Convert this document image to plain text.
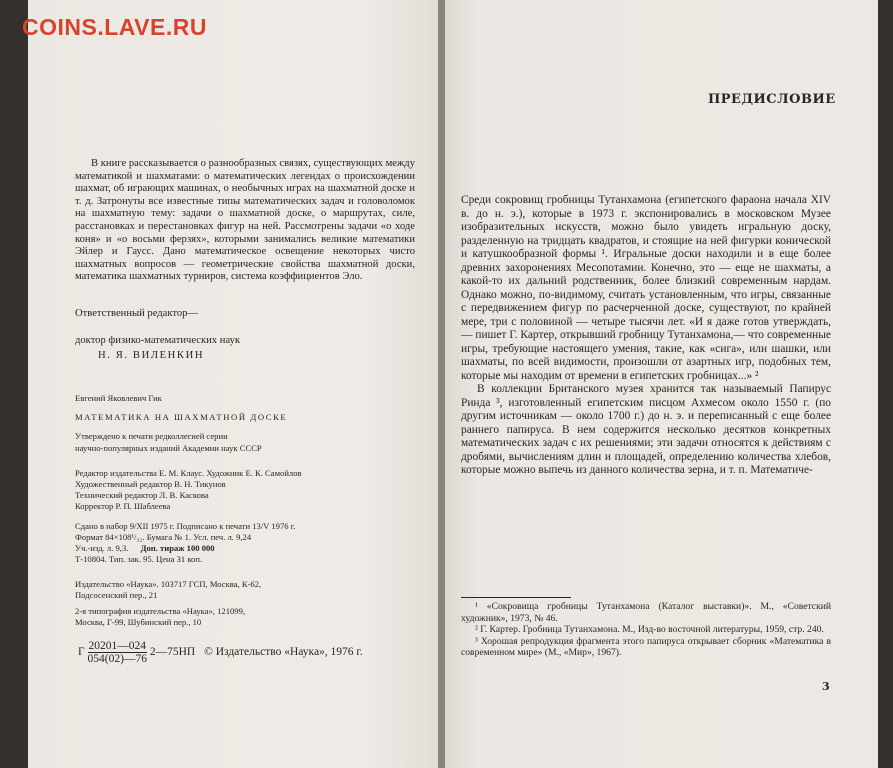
COINS.LAVE.RU
В книге рассказывается о разнообразных связях, существующих между математикой и шахматами: о математических легендах о происхождении шахмат, об играющих машинах, о необычных играх на шахматной доске и т. д. Затронуты все известные типы математических задач и головоломок на шахматную тему: задачи о шахматной доске, о маршрутах, силе, расстановках и перестановках фигур на ней. Рассмотрены задачи «о ходе коня» и «о восьми ферзях», которыми занимались великие математики Эйлер и Гаусс. Дано математическое освещение некоторых чисто шахматных вопросов — геометрические свойства шахматной доски, математика шахматных турниров, система коэффициентов Эло.
Ответственный редактор—
доктор физико-математических наук
Н. Я. ВИЛЕНКИН
Евгений Яковлевич Гик
МАТЕМАТИКА НА ШАХМАТНОЙ ДОСКЕ
Утверждено к печати редколлегией серии
научно-популярных изданий Академии наук СССР
Редактор издательства Е. М. Клаус. Художник Е. К. Самойлов
Художественный редактор В. Н. Тикунов
Технический редактор Л. В. Каскова
Корректор Р. П. Шаблеева
Сдано в набор 9/XII 1975 г. Подписано к печати 13/V 1976 г.
Формат 84×108¹/₃₂. Бумага № 1. Усл. печ. л. 9,24
Уч.-изд. л. 9,3. Доп. тираж 100 000
Т-10804. Тип. зак. 95. Цена 31 коп.
Издательство «Наука». 103717 ГСП, Москва, К-62,
Подсосенский пер., 21
2-я типография издательства «Наука», 121099,
Москва, Г-99, Шубинский пер., 10
Г $\frac{20201—024}{054(02)—76}$ 2—75НП © Издательство «Наука», 1976 г.
ПРЕДИСЛОВИЕ

Среди сокровищ гробницы Тутанхамона (египетского фараона начала XIV в. до н. э.), которые в 1973 г. экспонировались в московском Музее изобразительных искусств, можно было увидеть игральную доску, разделенную на тридцать квадратов, и стоящие на ней фигурки конической и катушкообразной формы ¹. Игральные доски находили и в еще более древних захоронениях Месопотамии. Конечно, это — еще не шахматы, а какой-то их дальний родственник, более близкий современным нардам. Однако можно, по-видимому, считать установленным, что игры, связанные с передвижением фигур по расчерченной доске, существуют, по крайней мере, три с половиной — четыре тысячи лет. «И я даже готов утверждать,— пишет Г. Картер, открывший гробницу Тутанхамона,— что современные игры, требующие настоящего умения, такие, как «сига», или шашки, или шахматы, по всей видимости, произошли от азартных игр, подобных тем, которые мы находим от времени в египетских гробницах...» ²

В коллекции Британского музея хранится так называемый Папирус Ринда ³, изготовленный египетским писцом Ахмесом около 1550 г. (по другим источникам — около 1700 г.) до н. э. и переписанный с еще более раннего папируса. В нем содержится несколько десятков конкретных математических задач с их решениями; эти задачи относятся к действиям с дробями, вычислениям длин и площадей, определению количества хлебов, которые можно выпечь из данного количества зерна, и т. п. Математиче-

¹ «Сокровища гробницы Тутанхамона (Каталог выставки)». М., «Советский художник», 1973, № 46.

² Г. Картер. Гробница Тутанхамона. М., Изд-во восточной литературы, 1959, стр. 240.

³ Хорошая репродукция фрагмента этого папируса открывает сборник «Математика в современном мире» (М., «Мир», 1967).

3
